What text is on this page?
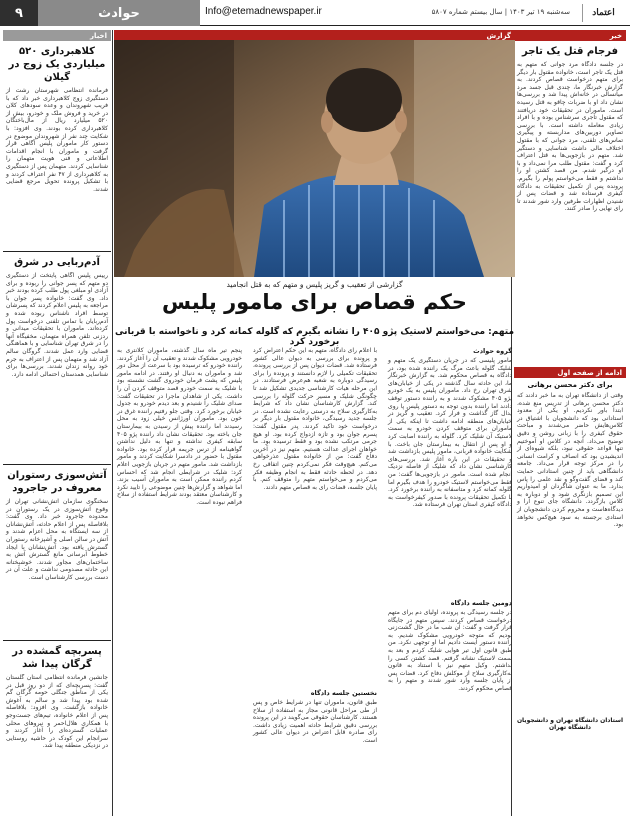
۹	حوادث	Info@etemadnewspaper.ir	سه‌شنبه ۱۹ تیر ۱۴۰۳ | سال بیستم شماره ۵۸۰۷	اعتماد
خبر
فرجام قتل یک تاجر
در جلسه دادگاه مرد جوانی که متهم به قتل یک تاجر است، خانواده مقتول بار دیگر برای متهم درخواست قصاص کردند. به گزارش خبرنگار ما، چندی قبل جسد مرد میانسالی در خانه‌اش پیدا شد و بررسی‌ها نشان داد او با ضربات چاقو به قتل رسیده است. ماموران در تحقیقات خود دریافتند که مقتول تاجری سرشناس بوده و با افراد زیادی معامله داشته است. با بررسی تصاویر دوربین‌های مداربسته و پیگیری تماس‌های تلفنی، مرد جوانی که با مقتول اختلاف مالی داشت شناسایی و دستگیر شد. متهم در بازجویی‌ها به قتل اعتراف کرد و گفت: مقتول طلب مرا نمی‌داد و با او درگیر شدم. من قصد کشتن او را نداشتم و فقط می‌خواستم پولم را بگیرم. پرونده پس از تکمیل تحقیقات به دادگاه کیفری فرستاده شد و قضات پس از شنیدن اظهارات طرفین وارد شور شدند تا رای نهایی را صادر کنند.
ادامه از صفحه اول
برای دکتر محسن برهانی
وقتی از دانشگاه تهران به ما خبر دادند که دکتر محسن برهانی از تدریس منع شده، ابتدا باور نکردیم. او یکی از معدود استادانی بود که دانشجویان با اشتیاق در کلاس‌هایش حاضر می‌شدند و مباحث حقوق کیفری را با زبانی روشن و دقیق توضیح می‌داد. آنچه در کلاس او آموختیم تنها قواعد حقوقی نبود، بلکه شیوه‌ای از اندیشیدن بود که انصاف و کرامت انسانی را در مرکز توجه قرار می‌داد. جامعه دانشگاهی باید از چنین استادانی حمایت کند و فضای گفت‌وگو و نقد علمی را پاس بدارد. ما به عنوان شاگردان او امیدواریم این تصمیم بازنگری شود و او دوباره به کلاس بازگردد. دانشگاه جای تنوع آرا و دیدگاه‌هاست و محروم کردن دانشجویان از استادی برجسته به سود هیچ‌کس نخواهد بود.
استادان دانشگاه تهران و دانشجویان دانشگاه تهران
اخبار
کلاهبرداری ۵۲۰ میلیاردی یک زوج در گیلان
فرمانده انتظامی شهرستان رشت از دستگیری زوج کلاهبرداری خبر داد که با فریب شهروندان و وعده سودهای کلان در خرید و فروش ملک و خودرو، بیش از ۵۲۰ میلیارد ریال از مال‌باختگان کلاهبرداری کرده بودند. وی افزود: با شکایت چند نفر از شهروندان موضوع در دستور کار ماموران پلیس آگاهی قرار گرفت و ماموران با انجام اقدامات اطلاعاتی و فنی هویت متهمان را شناسایی کردند. متهمان پس از دستگیری به کلاهبرداری از ۴۷ نفر اعتراف کردند و با تشکیل پرونده تحویل مرجع قضایی شدند.
آدم‌ربایی در شرق
رییس پلیس آگاهی پایتخت از دستگیری دو متهم که پسر جوانی را ربوده و برای آزادی او مبلغی پول طلب کرده بودند خبر داد. وی گفت: خانواده پسر جوان با مراجعه به پلیس اعلام کردند که پسرشان توسط افراد ناشناس ربوده شده و آدم‌ربایان با تماس تلفنی درخواست پول کرده‌اند. ماموران با تحقیقات میدانی و ردزنی تلفن همراه متهمان، مخفیگاه آنها را در شرق تهران شناسایی و با هماهنگی قضایی وارد عمل شدند. گروگان سالم آزاد شد و متهمان پس از اعتراف به جرم خود روانه زندان شدند. بررسی‌ها برای شناسایی همدستان احتمالی ادامه دارد.
آتش‌سوزی رستوران معروف در جاجرود
سخنگوی سازمان آتش‌نشانی تهران از وقوع آتش‌سوزی در یک رستوران در محدوده جاجرود خبر داد. وی گفت: بلافاصله پس از اعلام حادثه، آتش‌نشانان از سه ایستگاه به محل اعزام شدند و آتش در سالن اصلی و آشپزخانه رستوران گسترش یافته بود. آتش‌نشانان با ایجاد خطوط آبرسانی مانع گسترش آتش به ساختمان‌های مجاور شدند. خوشبختانه این حادثه مصدومی نداشت و علت آن در دست بررسی کارشناسان است.
پسربچه گمشده در گرگان پیدا شد
جانشین فرمانده انتظامی استان گلستان گفت: پسربچه‌ای که از دو روز قبل در یکی از مناطق جنگلی حومه گرگان گم شده بود پیدا شد و سالم به آغوش خانواده بازگشت. وی افزود: بلافاصله پس از اعلام خانواده، تیم‌های جست‌وجو با همکاری هلال‌احمر و نیروهای محلی عملیات گسترده‌ای را آغاز کردند و سرانجام این کودک در حاشیه روستایی در نزدیکی منطقه پیدا شد.
گزارش
گزارشی از تعقیب و گریز پلیس و متهم که به قتل انجامید
حکم قصاص برای مامور پلیس
متهم: می‌خواستم لاستیک پژو ۴۰۵ را نشانه بگیرم که گلوله کمانه کرد و ناخواسته با قربانی برخورد کرد
گروه حوادث
مامور پلیسی که در جریان دستگیری یک متهم و شلیک گلوله باعث مرگ یک راننده شده بود، در دادگاه به قصاص محکوم شد. به گزارش خبرنگار ما، این حادثه سال گذشته در یکی از خیابان‌های شرق تهران رخ داد. ماموران پلیس به یک خودرو پژو ۴۰۵ مشکوک شدند و به راننده دستور توقف دادند اما راننده بدون توجه به دستور پلیس پا روی پدال گاز گذاشت و فرار کرد. تعقیب و گریز در خیابان‌های منطقه ادامه داشت تا اینکه یکی از ماموران برای متوقف کردن خودرو به سمت لاستیک آن شلیک کرد. گلوله به راننده اصابت کرد و او پس از انتقال به بیمارستان جان باخت. با شکایت خانواده قربانی، مامور پلیس بازداشت شد و تحقیقات در این باره آغاز شد. بررسی‌های کارشناسی نشان داد که شلیک از فاصله نزدیک انجام شده است. مامور در بازجویی‌ها گفت: من فقط می‌خواستم لاستیک خودرو را هدف بگیرم اما گلوله کمانه کرد و متاسفانه به راننده برخورد کرد. با تکمیل تحقیقات پرونده با صدور کیفرخواست به دادگاه کیفری استان تهران فرستاده شد.
دومین جلسه دادگاه
در جلسه رسیدگی به پرونده، اولیای دم برای متهم درخواست قصاص کردند. سپس متهم در جایگاه قرار گرفت و گفت: آن شب ما در حال گشت‌زنی بودیم که متوجه خودرویی مشکوک شدیم. به راننده دستور ایست دادیم اما او توجهی نکرد. من طبق قانون اول تیر هوایی شلیک کردم و بعد به سمت لاستیک نشانه گرفتم. قصد کشتن کسی را نداشتم. وکیل متهم نیز با استناد به قانون به‌کارگیری سلاح از موکلش دفاع کرد. قضات پس از پایان جلسه وارد شور شدند و متهم را به قصاص محکوم کردند.
با اعلام رای دادگاه، متهم به این حکم اعتراض کرد و پرونده برای بررسی به دیوان عالی کشور فرستاده شد. قضات دیوان پس از بررسی پرونده، تحقیقات تکمیلی را لازم دانستند و پرونده را برای رسیدگی دوباره به شعبه هم‌عرض فرستادند. در این مرحله هیات کارشناسی جدیدی تشکیل شد تا چگونگی شلیک و مسیر حرکت گلوله را بررسی کند. گزارش کارشناسان نشان داد که شرایط به‌کارگیری سلاح به درستی رعایت نشده است. در جلسه جدید رسیدگی، خانواده مقتول بار دیگر بر درخواست خود تاکید کردند. پدر مقتول گفت: پسرم جوان بود و تازه ازدواج کرده بود. او هیچ جرمی مرتکب نشده بود و فقط ترسیده بود. ما خواهان اجرای عدالت هستیم. متهم نیز در آخرین دفاع گفت: من از خانواده مقتول عذرخواهی می‌کنم. هیچ‌وقت فکر نمی‌کردم چنین اتفاقی رخ دهد. در لحظه حادثه فقط به انجام وظیفه فکر می‌کردم و می‌خواستم متهم را متوقف کنم. با پایان جلسه، قضات رای به قصاص متهم دادند.
نخستین جلسه دادگاه
طبق قانون، ماموران تنها در شرایط خاص و پس از طی مراحل قانونی مجاز به استفاده از سلاح هستند. کارشناسان حقوقی می‌گویند در این پرونده بررسی دقیق شرایط حادثه اهمیت زیادی داشت. رای صادره قابل اعتراض در دیوان عالی کشور است.
پنجم تیر ماه سال گذشته، ماموران کلانتری به خودرویی مشکوک شدند و تعقیب آن را آغاز کردند. راننده خودرو که ترسیده بود با سرعت از محل دور شد و ماموران به دنبال او رفتند. در ادامه مامور پلیس که پشت فرمان خودروی گشت نشسته بود با شلیک به سمت خودرو قصد متوقف کردن آن را داشت. یکی از شاهدان ماجرا در تحقیقات گفت: صدای شلیک را شنیدم و بعد دیدم خودرو به جدول خیابان برخورد کرد. وقتی جلو رفتیم راننده غرق در خون بود. ماموران اورژانس خیلی زود به محل رسیدند اما راننده پیش از رسیدن به بیمارستان جان باخته بود. تحقیقات نشان داد راننده پژو ۴۰۵ سابقه کیفری نداشته و تنها به دلیل نداشتن گواهینامه از ترس جریمه فرار کرده بود. خانواده مقتول با حضور در دادسرا شکایت کردند و مامور بازداشت شد. مامور متهم در جریان بازجویی اعلام کرد: شلیک در شرایطی انجام شد که احساس کردم راننده ممکن است به ماموران آسیب بزند. اما شواهد و گزارش‌ها چنین موضوعی را تایید نکرد و کارشناسان معتقد بودند شرایط استفاده از سلاح فراهم نبوده است.
